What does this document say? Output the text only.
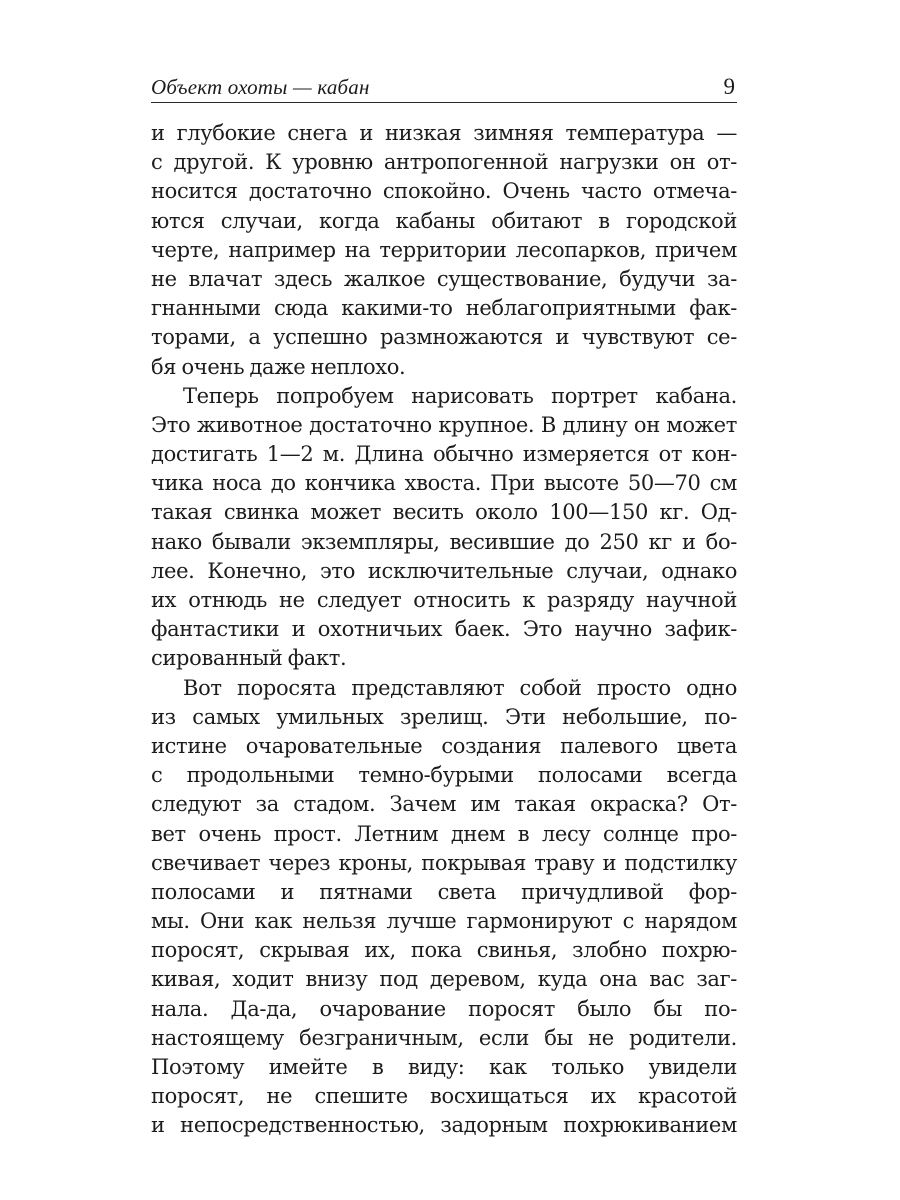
Объект охоты — кабан	9
и глубокие снега и низкая зимняя температура —
с другой. К уровню антропогенной нагрузки он от-
носится достаточно спокойно. Очень часто отмеча-
ются случаи, когда кабаны обитают в городской
черте, например на территории лесопарков, причем
не влачат здесь жалкое существование, будучи за-
гнанными сюда какими-то неблагоприятными фак-
торами, а успешно размножаются и чувствуют се-
бя очень даже неплохо.
Теперь попробуем нарисовать портрет кабана.
Это животное достаточно крупное. В длину он может
достигать 1—2 м. Длина обычно измеряется от кон-
чика носа до кончика хвоста. При высоте 50—70 см
такая свинка может весить около 100—150 кг. Од-
нако бывали экземпляры, весившие до 250 кг и бо-
лее. Конечно, это исключительные случаи, однако
их отнюдь не следует относить к разряду научной
фантастики и охотничьих баек. Это научно зафик-
сированный факт.
Вот поросята представляют собой просто одно
из самых умильных зрелищ. Эти небольшие, по-
истине очаровательные создания палевого цвета
с продольными темно-бурыми полосами всегда
следуют за стадом. Зачем им такая окраска? От-
вет очень прост. Летним днем в лесу солнце про-
свечивает через кроны, покрывая траву и подстилку
полосами и пятнами света причудливой фор-
мы. Они как нельзя лучше гармонируют с нарядом
поросят, скрывая их, пока свинья, злобно похрю-
кивая, ходит внизу под деревом, куда она вас заг-
нала. Да-да, очарование поросят было бы по-
настоящему безграничным, если бы не родители.
Поэтому имейте в виду: как только увидели
поросят, не спешите восхищаться их красотой
и непосредственностью, задорным похрюкиванием
